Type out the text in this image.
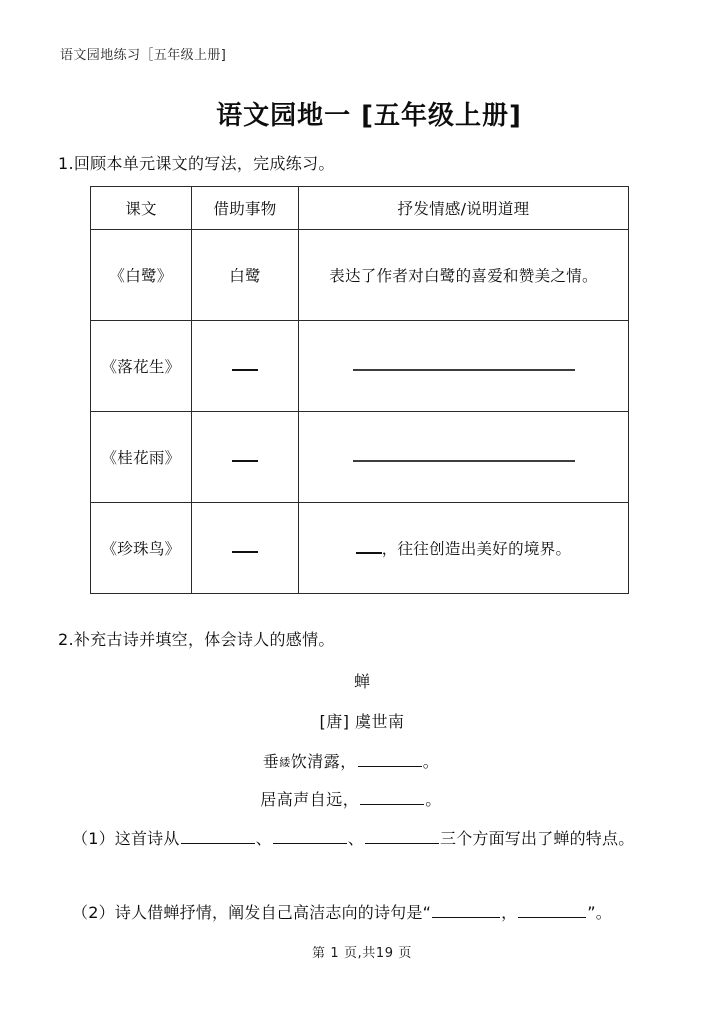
语文园地练习［五年级上册]
语文园地一 [五年级上册]
1.回顾本单元课文的写法，完成练习。
课文	借助事物	抒发情感/说明道理
《白鹭》	白鹭	表达了作者对白鹭的喜爱和赞美之情。
《落花生》		
《桂花雨》		
《珍珠鸟》		，往往创造出美好的境界。
2.补充古诗并填空，体会诗人的感情。
蝉
[唐] 虞世南
垂緌饮清露，	。
居高声自远，	。
（1）这首诗从	、	、	三个方面写出了蝉的特点。
（2）诗人借蝉抒情，阐发自己高洁志向的诗句是“	，	”。
第 1 页,共19 页
